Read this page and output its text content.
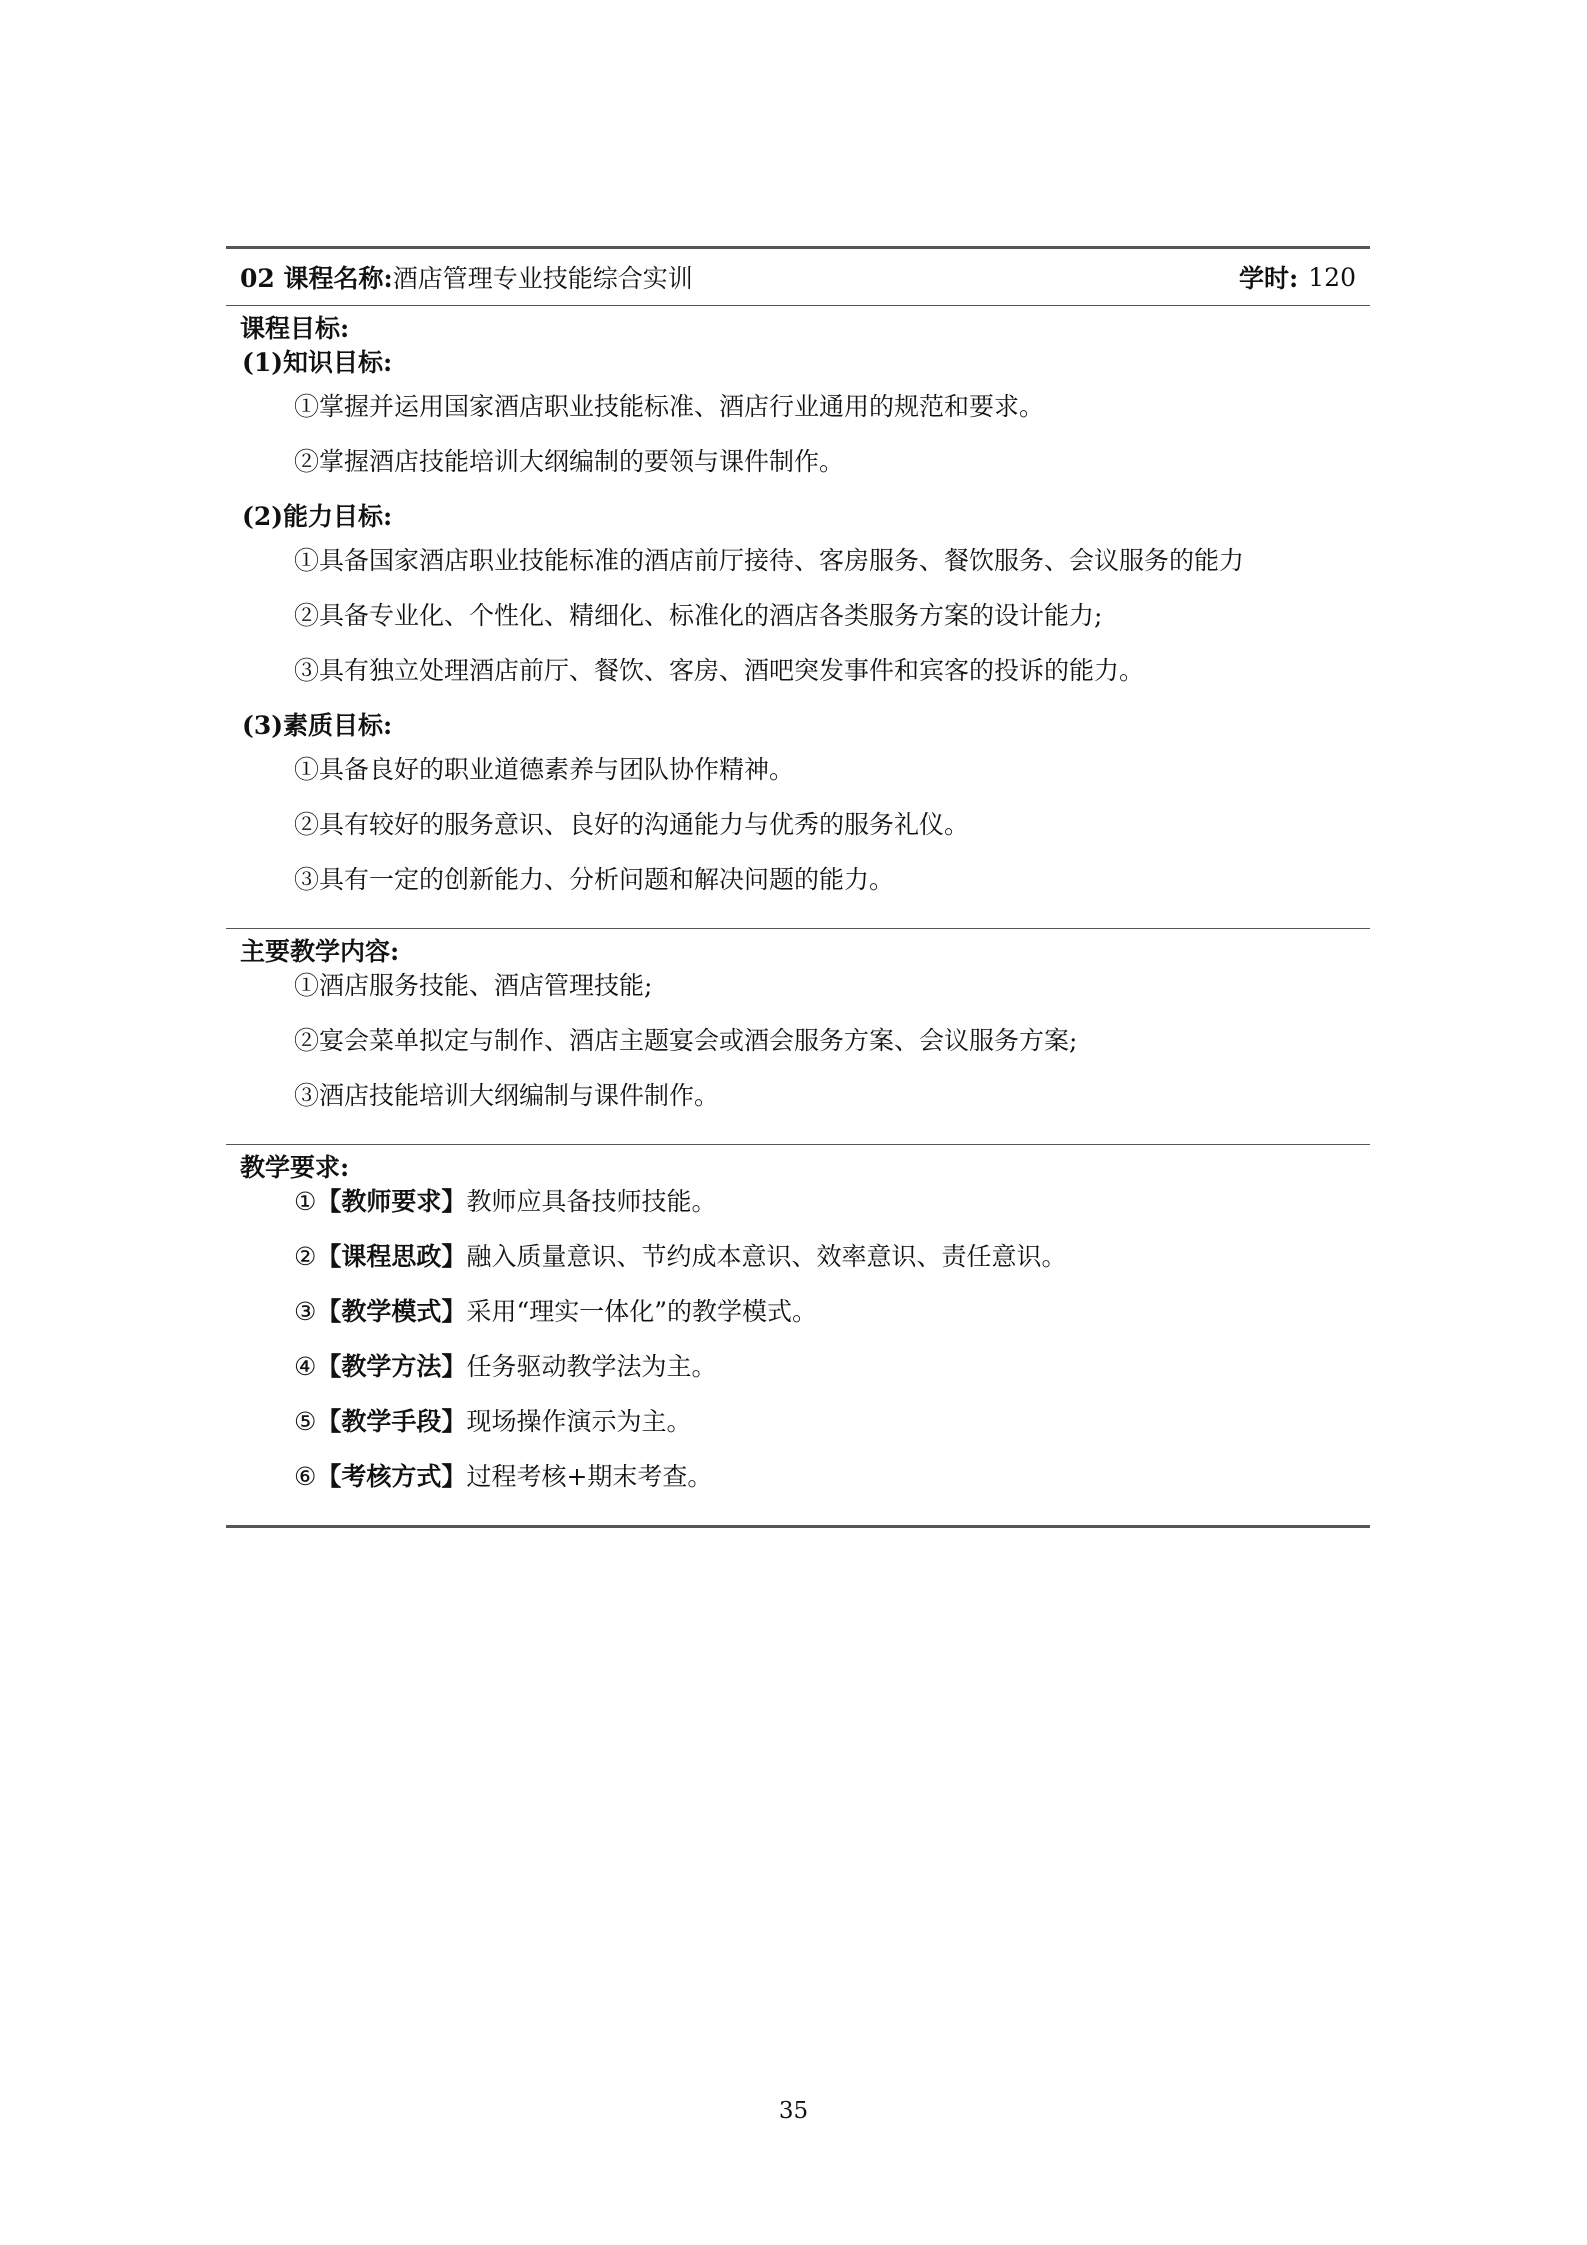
02 课程名称: 酒店管理专业技能综合实训	学时: 120
课程目标:
(1)知识目标:
①掌握并运用国家酒店职业技能标准、酒店行业通用的规范和要求。
②掌握酒店技能培训大纲编制的要领与课件制作。
(2)能力目标:
①具备国家酒店职业技能标准的酒店前厅接待、客房服务、餐饮服务、会议服务的能力
②具备专业化、个性化、精细化、标准化的酒店各类服务方案的设计能力;
③具有独立处理酒店前厅、餐饮、客房、酒吧突发事件和宾客的投诉的能力。
(3)素质目标:
①具备良好的职业道德素养与团队协作精神。
②具有较好的服务意识、良好的沟通能力与优秀的服务礼仪。
③具有一定的创新能力、分析问题和解决问题的能力。
主要教学内容:
①酒店服务技能、酒店管理技能;
②宴会菜单拟定与制作、酒店主题宴会或酒会服务方案、会议服务方案;
③酒店技能培训大纲编制与课件制作。
教学要求:
①【教师要求】教师应具备技师技能。
②【课程思政】融入质量意识、节约成本意识、效率意识、责任意识。
③【教学模式】采用“理实一体化”的教学模式。
④【教学方法】任务驱动教学法为主。
⑤【教学手段】现场操作演示为主。
⑥【考核方式】过程考核+期末考查。
35
